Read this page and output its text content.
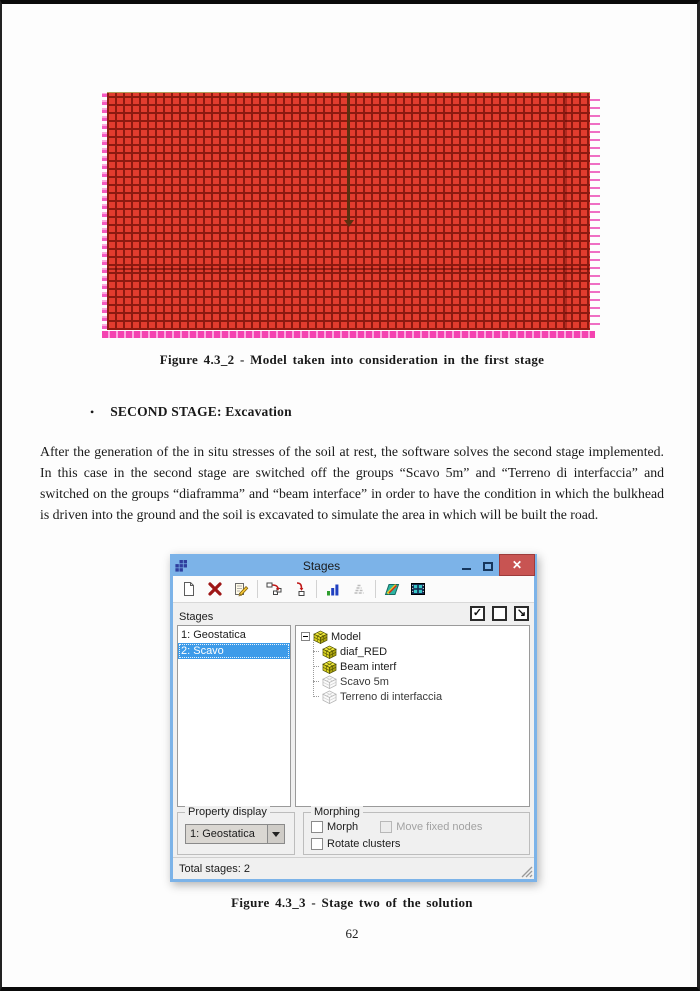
Figure 4.3_2 - Model taken into consideration in the first stage
• SECOND STAGE: Excavation
After the generation of the in situ stresses of the soil at rest, the software solves the second stage implemented. In this case in the second stage are switched off the groups “Scavo 5m” and “Terreno di interfaccia” and switched on the groups “diaframma” and “beam interface” in order to have the condition in which the bulkhead is driven into the ground and the soil is excavated to simulate the area in which will be built the road.
Stages	✕
Stages	✓	↘
1: Geostatica
2: Scavo
Model
diaf_RED
Beam interf
Scavo 5m
Terreno di interfaccia
Property display
1: Geostatica
Morphing
Morph	Move fixed nodes
Rotate clusters
Total stages: 2
Figure 4.3_3 - Stage two of the solution
62
